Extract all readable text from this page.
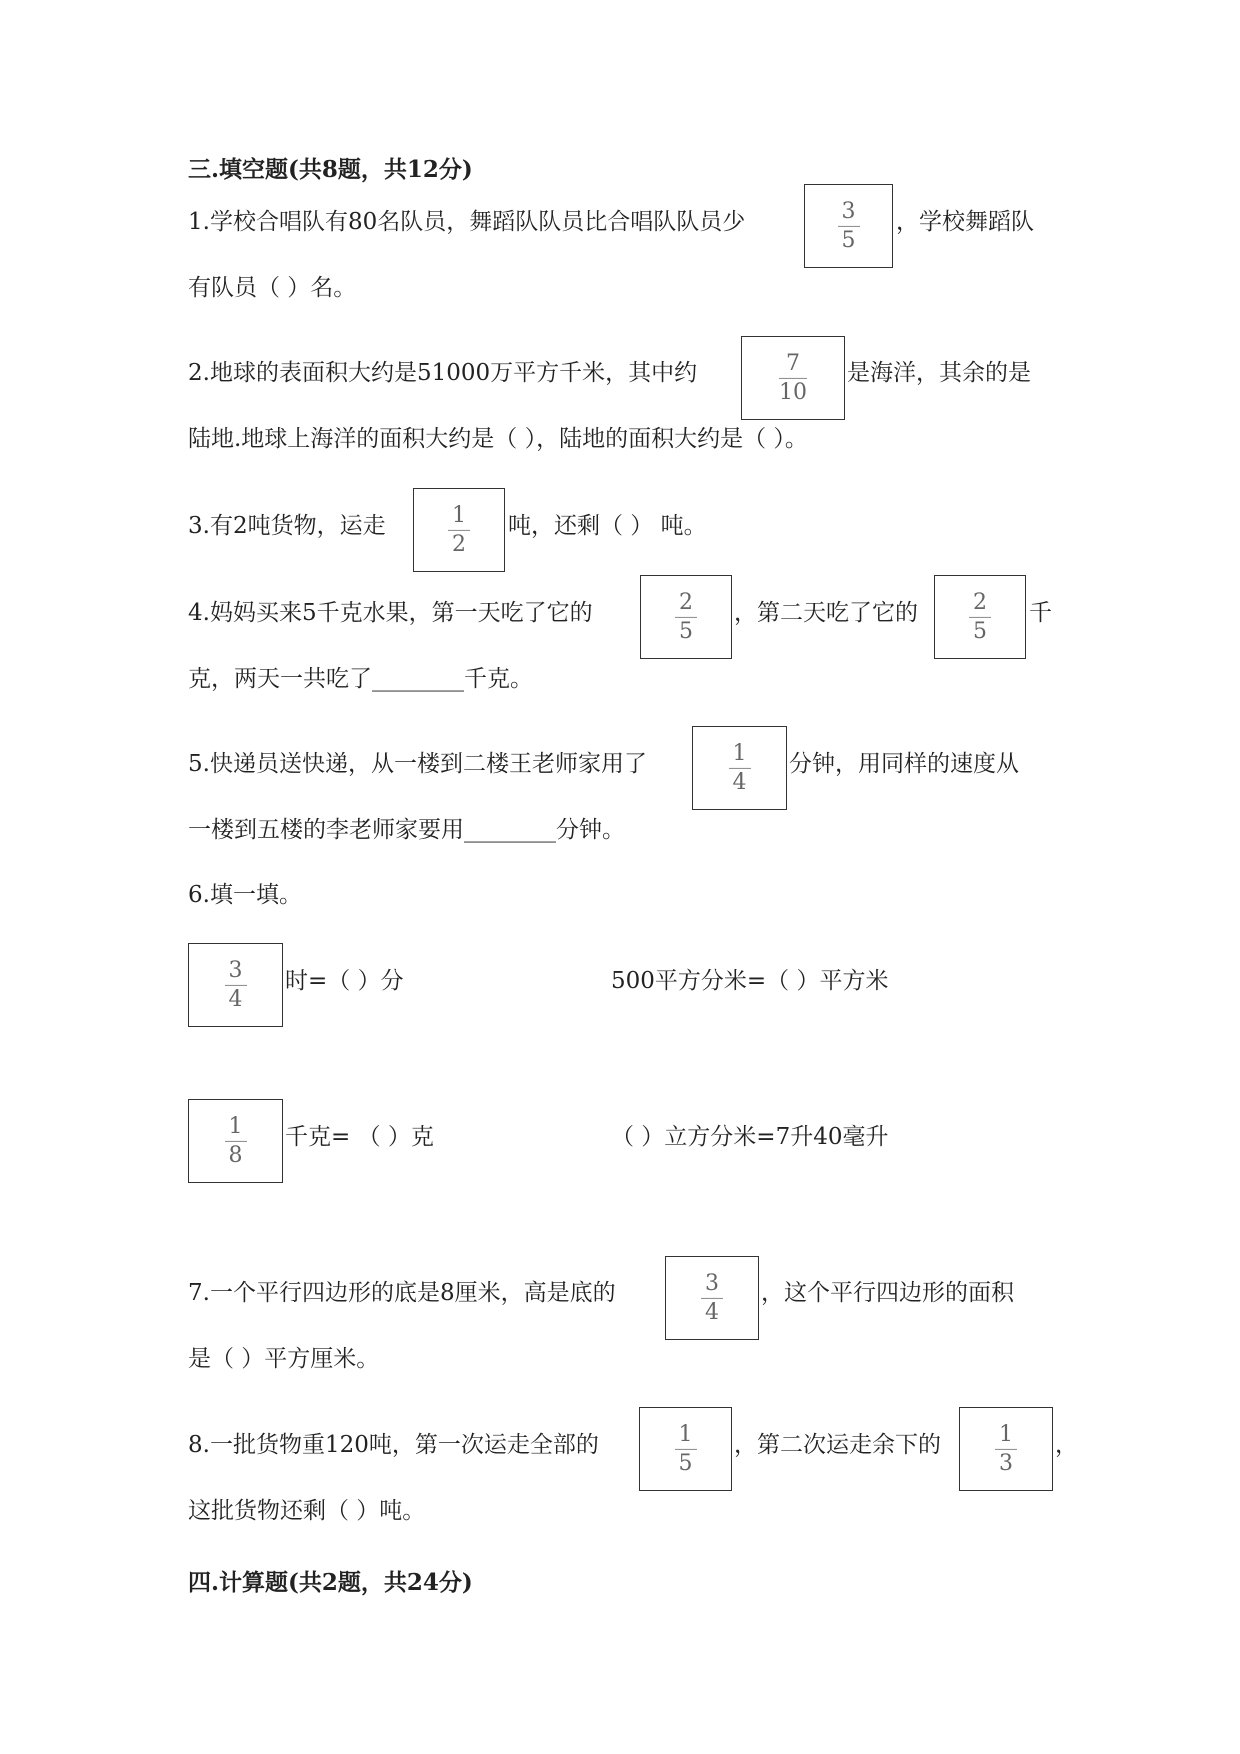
三.填空题(共8题，共12分)
1.学校合唱队有80名队员，舞蹈队队员比合唱队队员少	3
5
，学校舞蹈队
有队员（ ）名。
2.地球的表面积大约是51000万平方千米，其中约	7
10
是海洋，其余的是
陆地.地球上海洋的面积大约是（ ），陆地的面积大约是（ ）。
3.有2吨货物，运走	1
2
吨，还剩（ ） 吨。
4.妈妈买来5千克水果，第一天吃了它的	2
5
，第二天吃了它的	2
5
千
克，两天一共吃了________千克。
5.快递员送快递，从一楼到二楼王老师家用了	1
4
分钟，用同样的速度从
一楼到五楼的李老师家要用________分钟。
6.填一填。
3
4
时=（ ）分	500平方分米=（ ）平方米
1
8
千克= （ ）克	（ ）立方分米=7升40毫升
7.一个平行四边形的底是8厘米，高是底的	3
4
，这个平行四边形的面积
是（ ）平方厘米。
8.一批货物重120吨，第一次运走全部的	1
5
，第二次运走余下的	1
3
，
这批货物还剩（ ）吨。
四.计算题(共2题，共24分)
